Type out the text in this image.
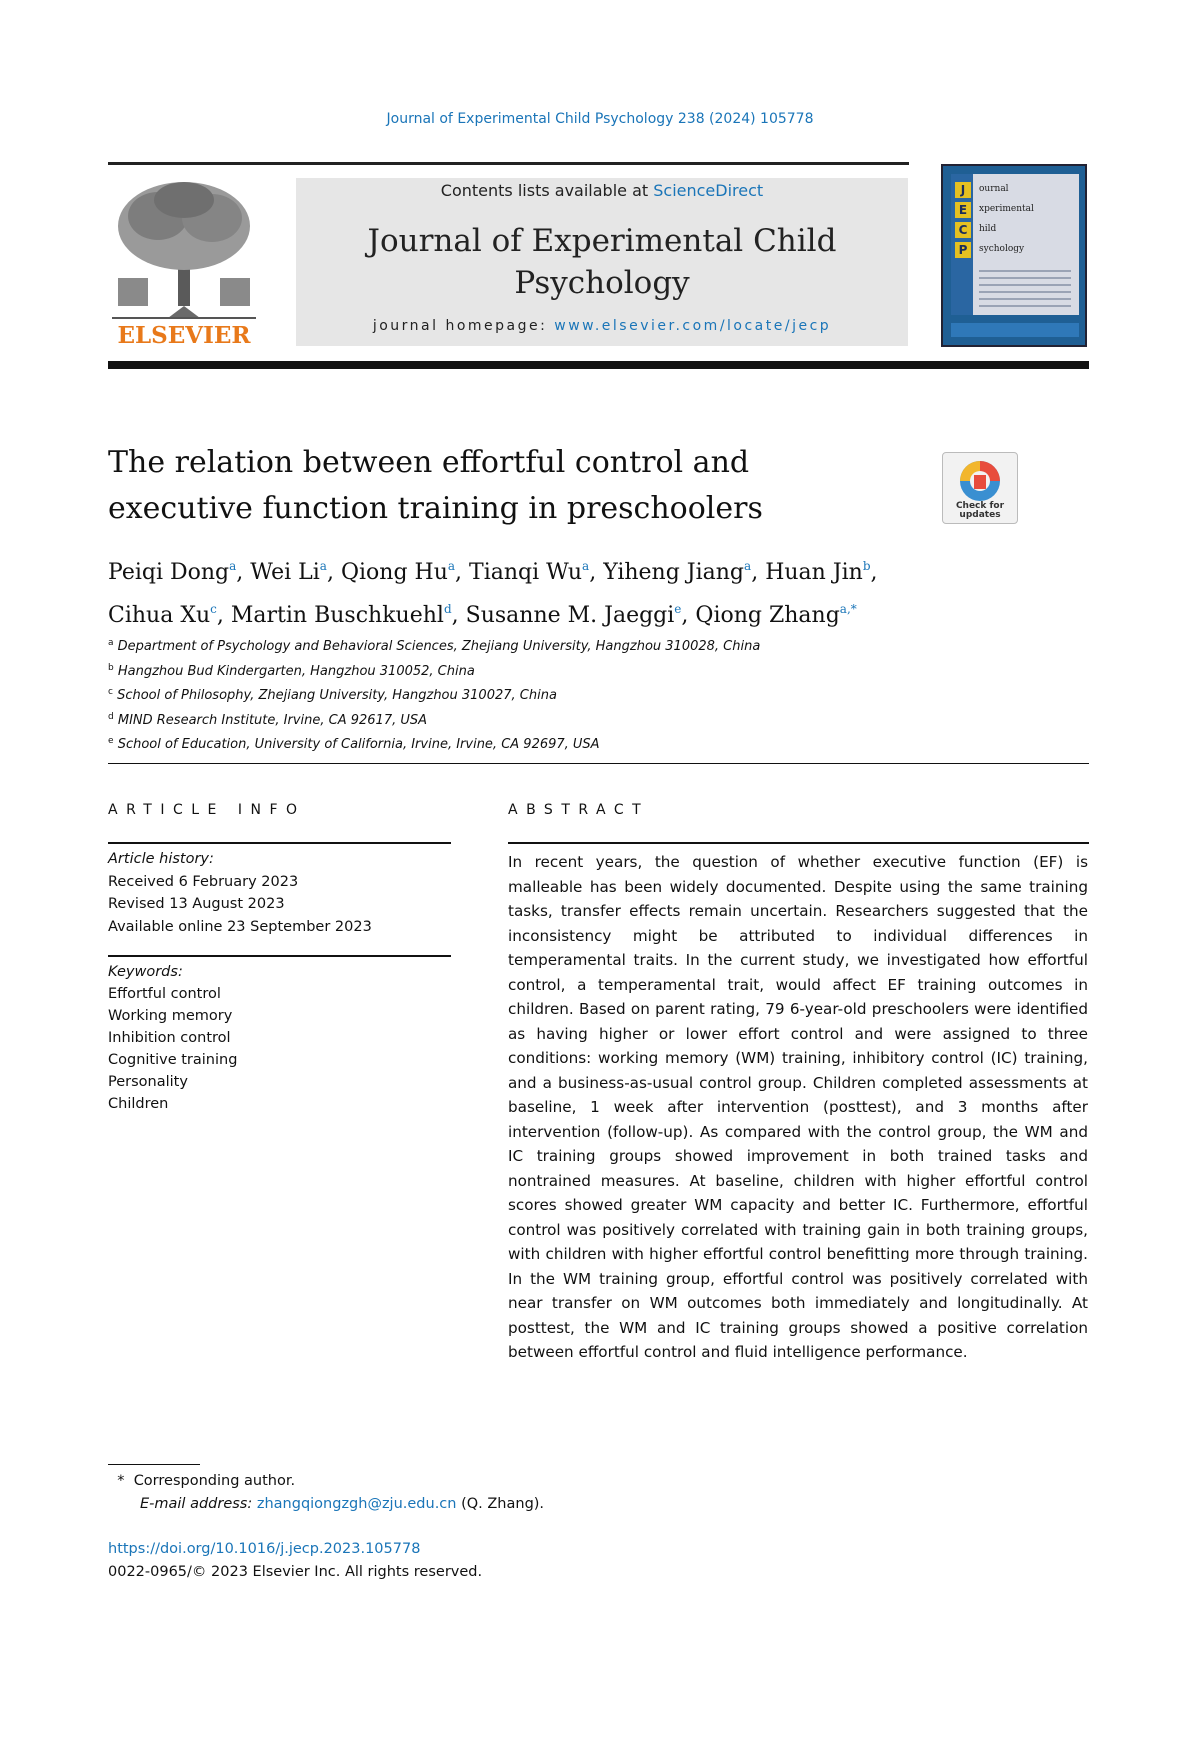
Journal of Experimental Child Psychology 238 (2024) 105778
ELSEVIER
Contents lists available at ScienceDirect
Journal of Experimental Child
Psychology
journal homepage: www.elsevier.com/locate/jecp
J
E
C
P
ournal
xperimental
hild
sychology
The relation between effortful control and
executive function training in preschoolers	Check for updates
Peiqi Dong$^a$, Wei Li$^a$, Qiong Hu$^a$, Tianqi Wu$^a$, Yiheng Jiang$^a$, Huan Jin$^b$,
Cihua Xu$^c$, Martin Buschkuehl$^d$, Susanne M. Jaeggi$^e$, Qiong Zhang$^{a,*}$
$^a$ Department of Psychology and Behavioral Sciences, Zhejiang University, Hangzhou 310028, China
$^b$ Hangzhou Bud Kindergarten, Hangzhou 310052, China
$^c$ School of Philosophy, Zhejiang University, Hangzhou 310027, China
$^d$ MIND Research Institute, Irvine, CA 92617, USA
$^e$ School of Education, University of California, Irvine, Irvine, CA 92697, USA
ARTICLE INFO	ABSTRACT
Article history:
Received 6 February 2023
Revised 13 August 2023
Available online 23 September 2023
Keywords:
Effortful control
Working memory
Inhibition control
Cognitive training
Personality
Children
In recent years, the question of whether executive function (EF) is malleable has been widely documented. Despite using the same training tasks, transfer effects remain uncertain. Researchers suggested that the inconsistency might be attributed to individual differences in temperamental traits. In the current study, we investigated how effortful control, a temperamental trait, would affect EF training outcomes in children. Based on parent rating, 79 6-year-old preschoolers were identified as having higher or lower effort control and were assigned to three conditions: working memory (WM) training, inhibitory control (IC) training, and a business-as-usual control group. Children completed assessments at baseline, 1 week after intervention (posttest), and 3 months after intervention (follow-up). As compared with the control group, the WM and IC training groups showed improvement in both trained tasks and nontrained measures. At baseline, children with higher effortful control scores showed greater WM capacity and better IC. Furthermore, effortful control was positively correlated with training gain in both training groups, with children with higher effortful control benefitting more through training. In the WM training group, effortful control was positively correlated with near transfer on WM outcomes both immediately and longitudinally. At posttest, the WM and IC training groups showed a positive correlation between effortful control and fluid intelligence performance.
*  Corresponding author.
E-mail address: zhangqiongzgh@zju.edu.cn (Q. Zhang).
https://doi.org/10.1016/j.jecp.2023.105778
0022-0965/© 2023 Elsevier Inc. All rights reserved.
